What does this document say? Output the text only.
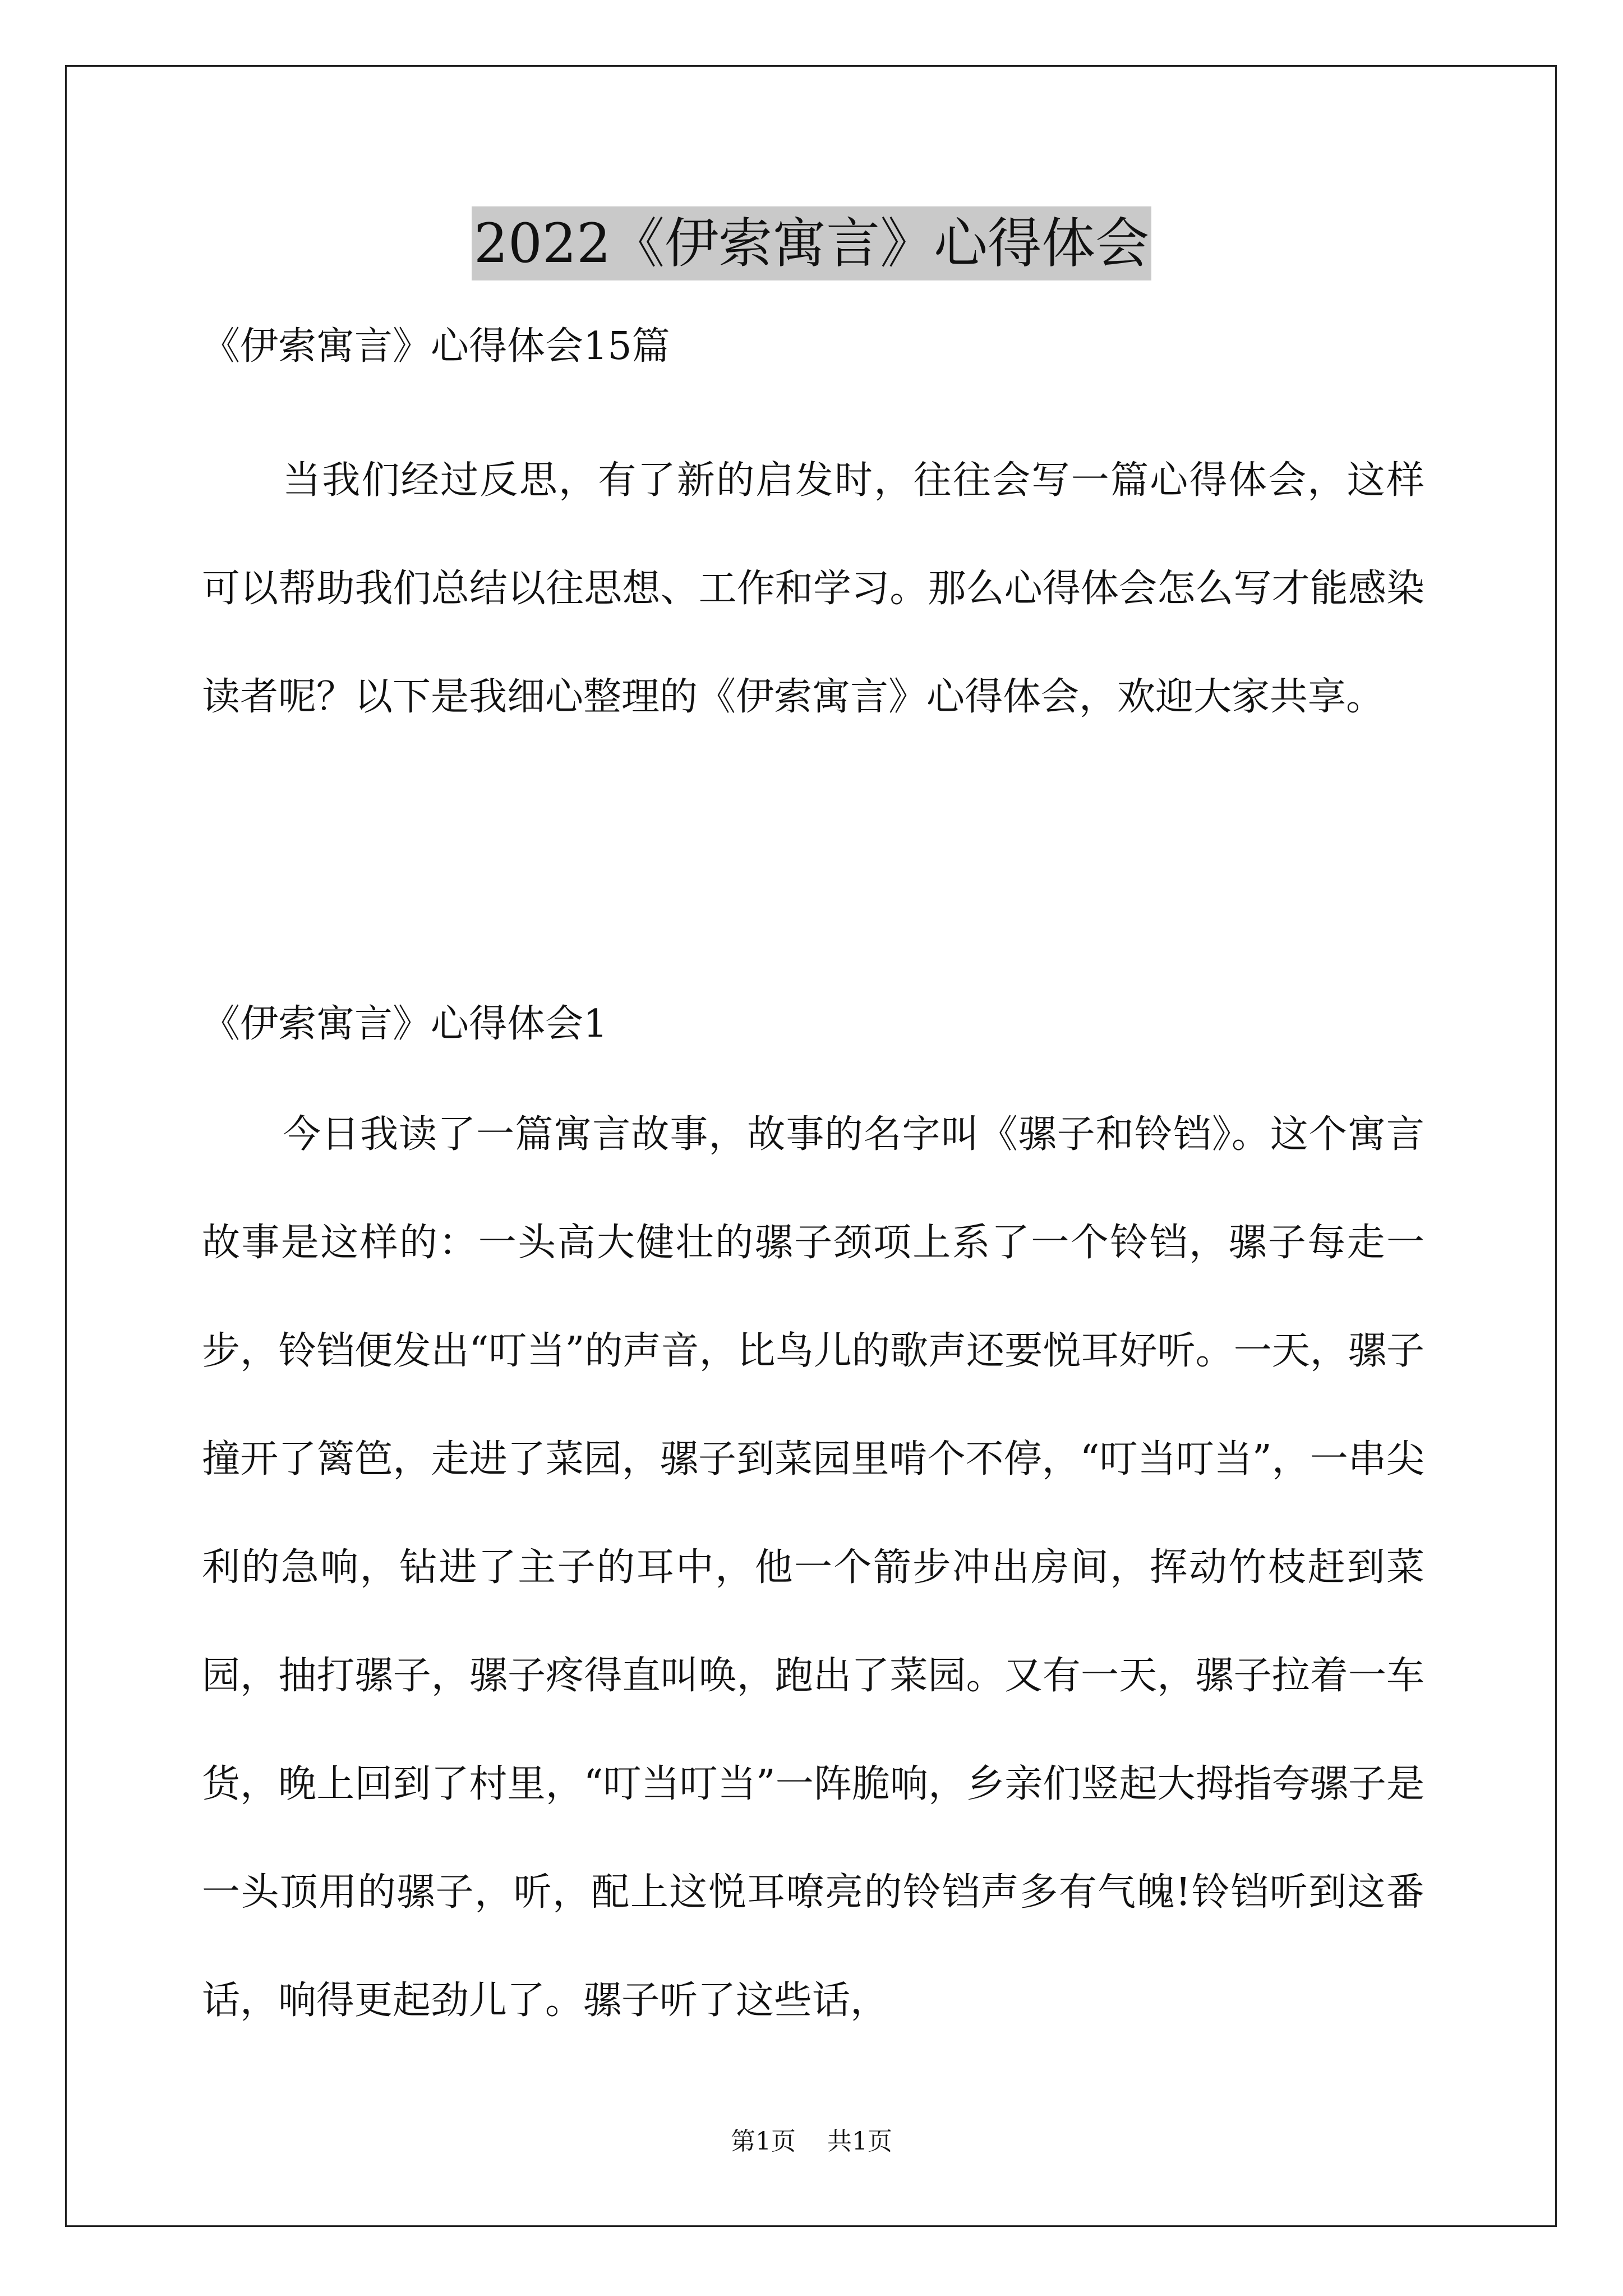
2022《伊索寓言》心得体会
《伊索寓言》心得体会15篇

当我们经过反思，有了新的启发时，往往会写一篇心得体会，这样可以帮助我们总结以往思想、工作和学习。那么心得体会怎么写才能感染读者呢？以下是我细心整理的《伊索寓言》心得体会，欢迎大家共享。

《伊索寓言》心得体会1

今日我读了一篇寓言故事，故事的名字叫《骡子和铃铛》。这个寓言故事是这样的：一头高大健壮的骡子颈项上系了一个铃铛，骡子每走一步，铃铛便发出“叮当”的声音，比鸟儿的歌声还要悦耳好听。一天，骡子撞开了篱笆，走进了菜园，骡子到菜园里啃个不停，“叮当叮当”，一串尖利的急响，钻进了主子的耳中，他一个箭步冲出房间，挥动竹枝赶到菜园，抽打骡子，骡子疼得直叫唤，跑出了菜园。又有一天，骡子拉着一车货，晚上回到了村里，“叮当叮当”一阵脆响，乡亲们竖起大拇指夸骡子是一头顶用的骡子，听，配上这悦耳嘹亮的铃铛声多有气魄!铃铛听到这番话，响得更起劲儿了。骡子听了这些话，

第1页 共1页
